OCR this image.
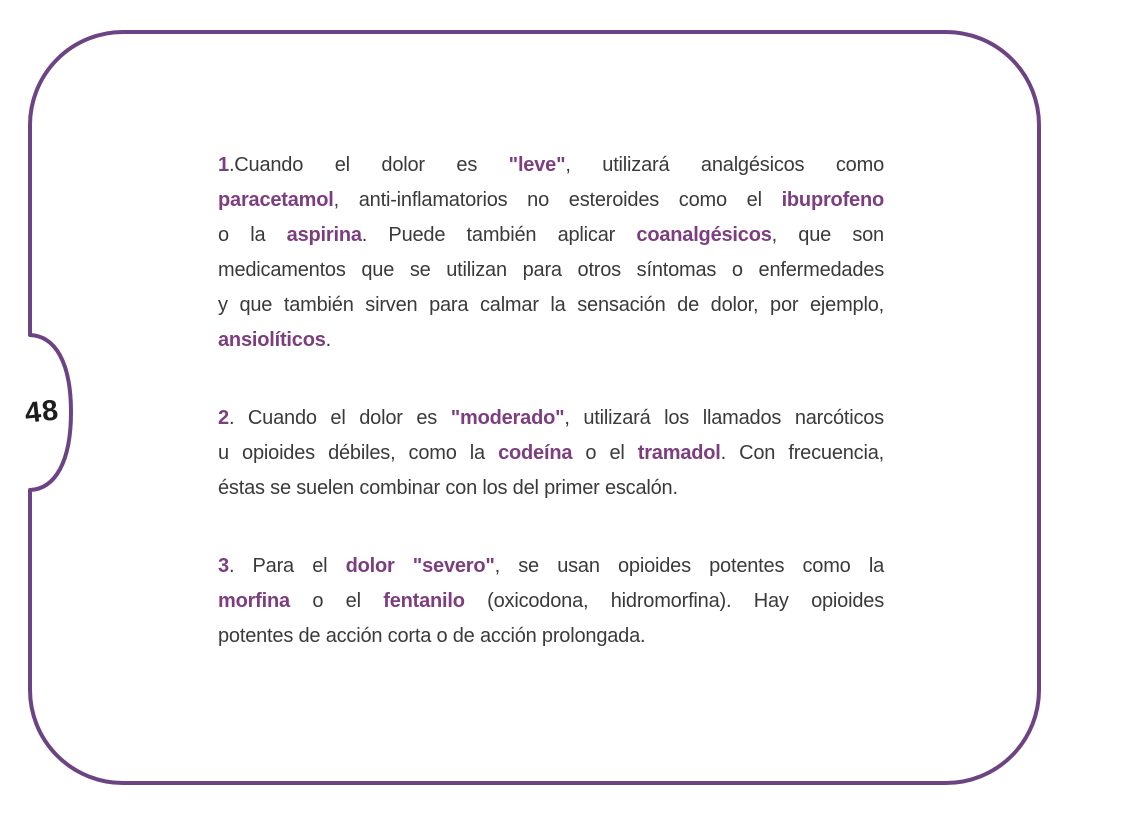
48
1.Cuando el dolor es "leve", utilizará analgésicos como
paracetamol, anti-inflamatorios no esteroides como el ibuprofeno
o la aspirina. Puede también aplicar coanalgésicos, que son
medicamentos que se utilizan para otros síntomas o enfermedades
y que también sirven para calmar la sensación de dolor, por ejemplo,
ansiolíticos.
2. Cuando el dolor es "moderado", utilizará los llamados narcóticos
u opioides débiles, como la codeína o el tramadol. Con frecuencia,
éstas se suelen combinar con los del primer escalón.
3. Para el dolor "severo", se usan opioides potentes como la
morfina o el fentanilo (oxicodona, hidromorfina). Hay opioides
potentes de acción corta o de acción prolongada.
